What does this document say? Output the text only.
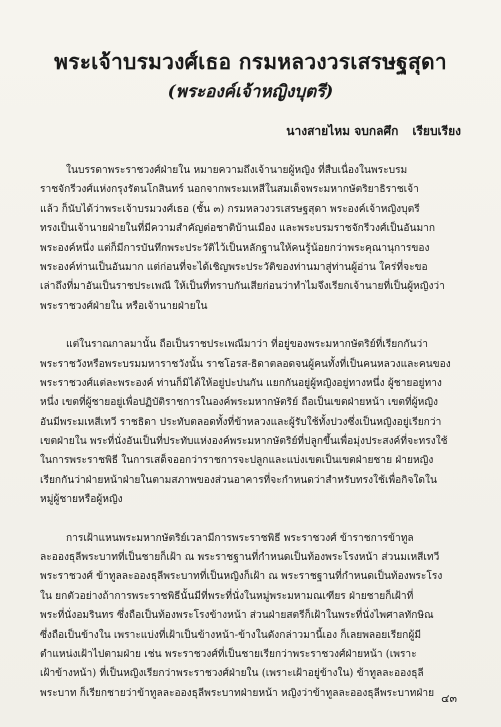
พระเจ้าบรมวงศ์เธอ กรมหลวงวรเสรษฐสุดา
(พระองค์เจ้าหญิงบุตรี)
นางสายไหม จบกลศึก เรียบเรียง
ในบรรดาพระราชวงศ์ฝ่ายใน หมายความถึงเจ้านายผู้หญิง ที่สืบเนื่องในพระบรม
ราชจักรีวงศ์แห่งกรุงรัตนโกสินทร์ นอกจากพระมเหสีในสมเด็จพระมหากษัตริยาธิราชเจ้า
แล้ว ก็นับได้ว่าพระเจ้าบรมวงศ์เธอ (ชั้น ๓) กรมหลวงวรเสรษฐสุดา พระองค์เจ้าหญิงบุตรี
ทรงเป็นเจ้านายฝ่ายในที่มีความสำคัญต่อชาติบ้านเมือง และพระบรมราชจักรีวงศ์เป็นอันมาก
พระองค์หนึ่ง แต่ก็มีการบันทึกพระประวัติไว้เป็นหลักฐานให้คนรู้น้อยกว่าพระคุณานุการของ
พระองค์ท่านเป็นอันมาก แต่ก่อนที่จะได้เชิญพระประวัติของท่านมาสู่ท่านผู้อ่าน ใคร่ที่จะขอ
เล่าถึงที่มาอันเป็นราชประเพณี ให้เป็นที่ทราบกันเสียก่อนว่าทำไมจึงเรียกเจ้านายที่เป็นผู้หญิงว่า
พระราชวงศ์ฝ่ายใน หรือเจ้านายฝ่ายใน
แต่ในราณกาลมานั้น ถือเป็นราชประเพณีมาว่า ที่อยู่ของพระมหากษัตริย์ที่เรียกกันว่า
พระราชวังหรือพระบรมมหาราชวังนั้น ราชโอรส-ธิดาตลอดจนผู้คนทั้งที่เป็นคนหลวงและคนของ
พระราชวงศ์แต่ละพระองค์ ท่านก็มิได้ให้อยู่ปะปนกัน แยกกันอยู่ผู้หญิงอยู่ทางหนึ่ง ผู้ชายอยู่ทาง
หนึ่ง เขตที่ผู้ชายอยู่เพื่อปฏิบัติราชการในองค์พระมหากษัตริย์ ถือเป็นเขตฝ่ายหน้า เขตที่ผู้หญิง
อันมีพระมเหสีเทวี ราชธิดา ประทับตลอดทั้งที่ข้าหลวงและผู้รับใช้ทั้งปวงซึ่งเป็นหญิงอยู่เรียกว่า
เขตฝ่ายใน พระที่นั่งอันเป็นที่ประทับแห่งองค์พระมหากษัตริย์ที่ปลูกขึ้นเพื่อมุ่งประสงค์ที่จะทรงใช้
ในการพระราชพิธี ในการเสด็จออกว่าราชการจะปลูกและแบ่งเขตเป็นเขตฝ่ายชาย ฝ่ายหญิง
เรียกกันว่าฝ่ายหน้าฝ่ายในตามสภาพของส่วนอาคารที่จะกำหนดว่าสำหรับทรงใช้เพื่อกิจใดใน
หมู่ผู้ชายหรือผู้หญิง
การเฝ้าแหนพระมหากษัตริย์เวลามีการพระราชพิธี พระราชวงศ์ ข้าราชการข้าทูล
ละอองธุลีพระบาทที่เป็นชายก็เฝ้า ณ พระราชฐานที่กำหนดเป็นท้องพระโรงหน้า ส่วนมเหสีเทวี
พระราชวงศ์ ข้าทูลละอองธุลีพระบาทที่เป็นหญิงก็เฝ้า ณ พระราชฐานที่กำหนดเป็นท้องพระโรง
ใน ยกตัวอย่างถ้าการพระราชพิธีนั้นมีที่พระที่นั่งในหมู่พระมหามณเฑียร ฝ่ายชายก็เฝ้าที่
พระที่นั่งอมรินทร ซึ่งถือเป็นท้องพระโรงข้างหน้า ส่วนฝ่ายสตรีก็เฝ้าในพระที่นั่งไพศาลทักษิณ
ซึ่งถือเป็นข้างใน เพราะแบ่งที่เฝ้าเป็นข้างหน้า-ข้างในดังกล่าวมานี้เอง ก็เลยพลอยเรียกผู้มี
ตำแหน่งเฝ้าไปตามฝ่าย เช่น พระราชวงศ์ที่เป็นชายเรียกว่าพระราชวงศ์ฝ่ายหน้า (เพราะ
เฝ้าข้างหน้า) ที่เป็นหญิงเรียกว่าพระราชวงศ์ฝ่ายใน (เพราะเฝ้าอยู่ข้างใน) ข้าทูลละอองธุลี
พระบาท ก็เรียกชายว่าข้าทูลละอองธุลีพระบาทฝ่ายหน้า หญิงว่าข้าทูลละอองธุลีพระบาทฝ่าย ๔๓
